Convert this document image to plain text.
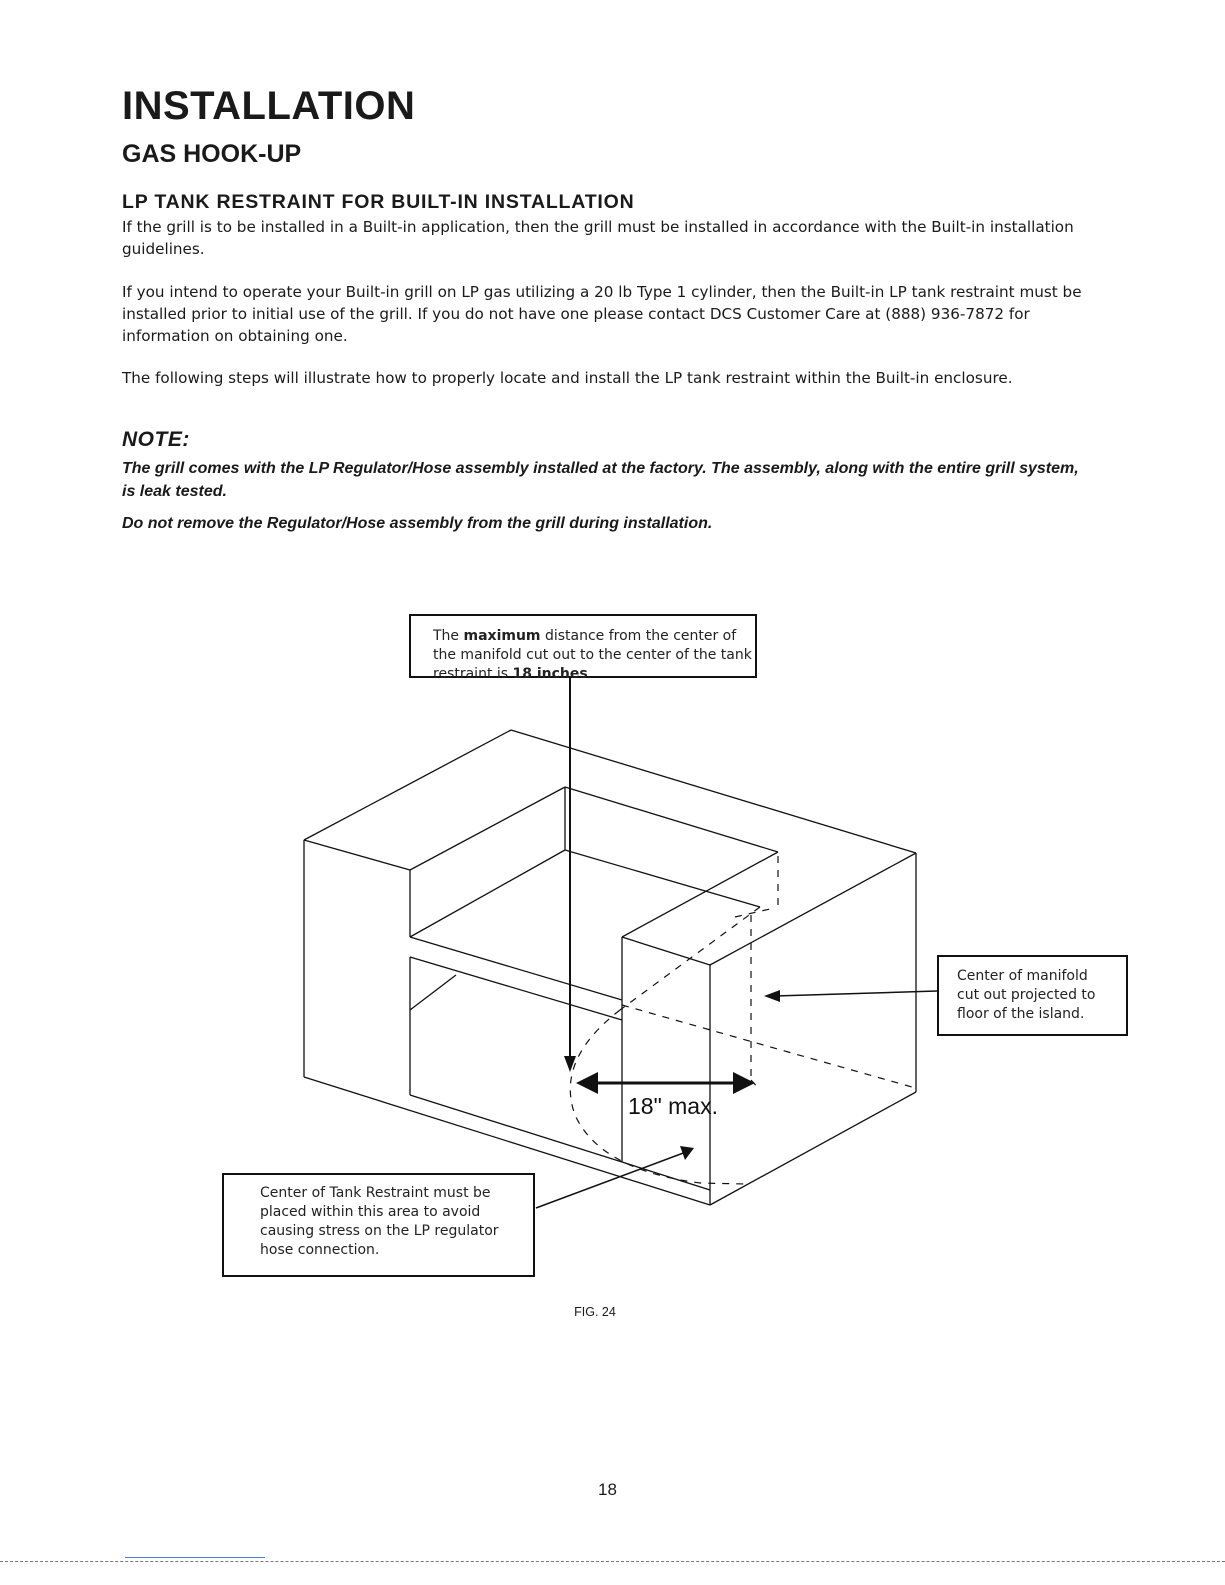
INSTALLATION
GAS HOOK-UP
LP TANK RESTRAINT FOR BUILT-IN INSTALLATION

If the grill is to be installed in a Built-in application, then the grill must be installed in accordance with the Built-in installation guidelines.

If you intend to operate your Built-in grill on LP gas utilizing a 20 lb Type 1 cylinder, then the Built-in LP tank restraint must be installed prior to initial use of the grill. If you do not have one please contact DCS Customer Care at (888) 936-7872 for information on obtaining one.

The following steps will illustrate how to properly locate and install the LP tank restraint within the Built-in enclosure.

NOTE:

The grill comes with the LP Regulator/Hose assembly installed at the factory. The assembly, along with the entire grill system, is leak tested.

Do not remove the Regulator/Hose assembly from the grill during installation.

18" max.
The maximum distance from the center of the manifold cut out to the center of the tank restraint is 18 inches.
Center of manifold cut out projected to floor of the island.
Center of Tank Restraint must be placed within this area to avoid causing stress on the LP regulator hose connection.
FIG. 24
18
